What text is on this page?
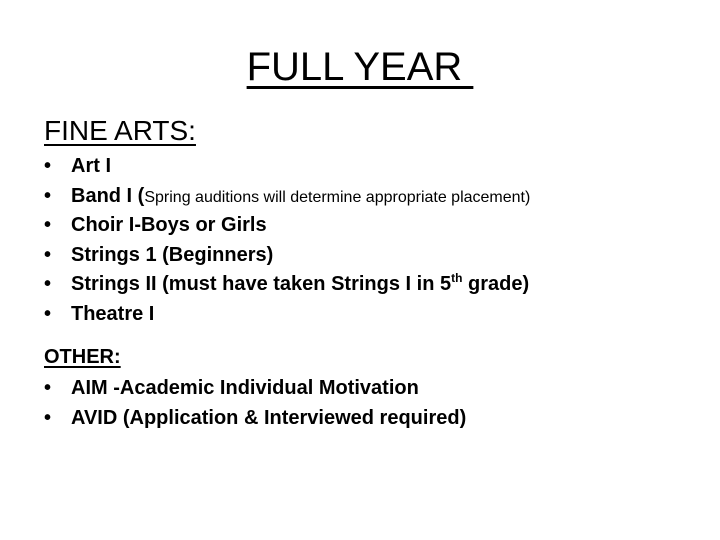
FULL YEAR
FINE ARTS:
• Art I
• Band I (Spring auditions will determine appropriate placement)
• Choir I-Boys or Girls
• Strings 1 (Beginners)
• Strings II (must have taken Strings I in 5th grade)
• Theatre I
OTHER:
• AIM -Academic Individual Motivation
• AVID (Application & Interviewed required)
